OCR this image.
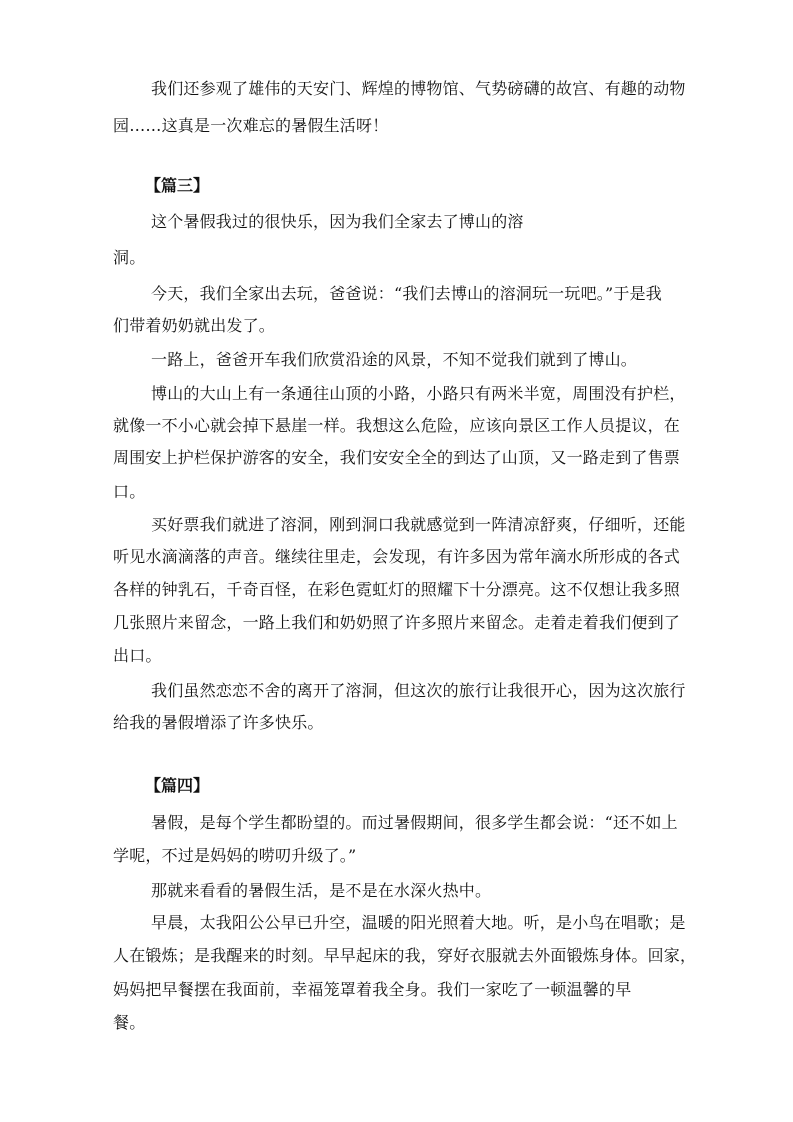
我们还参观了雄伟的天安门、辉煌的博物馆、气势磅礴的故宫、有趣的动物
园……这真是一次难忘的暑假生活呀！
【篇三】
这个暑假我过的很快乐，因为我们全家去了博山的溶
洞。
今天，我们全家出去玩，爸爸说：“我们去博山的溶洞玩一玩吧。”于是我
们带着奶奶就出发了。
一路上，爸爸开车我们欣赏沿途的风景，不知不觉我们就到了博山。
博山的大山上有一条通往山顶的小路，小路只有两米半宽，周围没有护栏，
就像一不小心就会掉下悬崖一样。我想这么危险，应该向景区工作人员提议，在
周围安上护栏保护游客的安全，我们安安全全的到达了山顶，又一路走到了售票
口。
买好票我们就进了溶洞，刚到洞口我就感觉到一阵清凉舒爽，仔细听，还能
听见水滴滴落的声音。继续往里走，会发现，有许多因为常年滴水所形成的各式
各样的钟乳石，千奇百怪，在彩色霓虹灯的照耀下十分漂亮。这不仅想让我多照
几张照片来留念，一路上我们和奶奶照了许多照片来留念。走着走着我们便到了
出口。
我们虽然恋恋不舍的离开了溶洞，但这次的旅行让我很开心，因为这次旅行
给我的暑假增添了许多快乐。
【篇四】
暑假，是每个学生都盼望的。而过暑假期间，很多学生都会说：“还不如上
学呢，不过是妈妈的唠叨升级了。”
那就来看看的暑假生活，是不是在水深火热中。
早晨，太我阳公公早已升空，温暖的阳光照着大地。听，是小鸟在唱歌；是
人在锻炼；是我醒来的时刻。早早起床的我，穿好衣服就去外面锻炼身体。回家，
妈妈把早餐摆在我面前，幸福笼罩着我全身。我们一家吃了一顿温馨的早
餐。
